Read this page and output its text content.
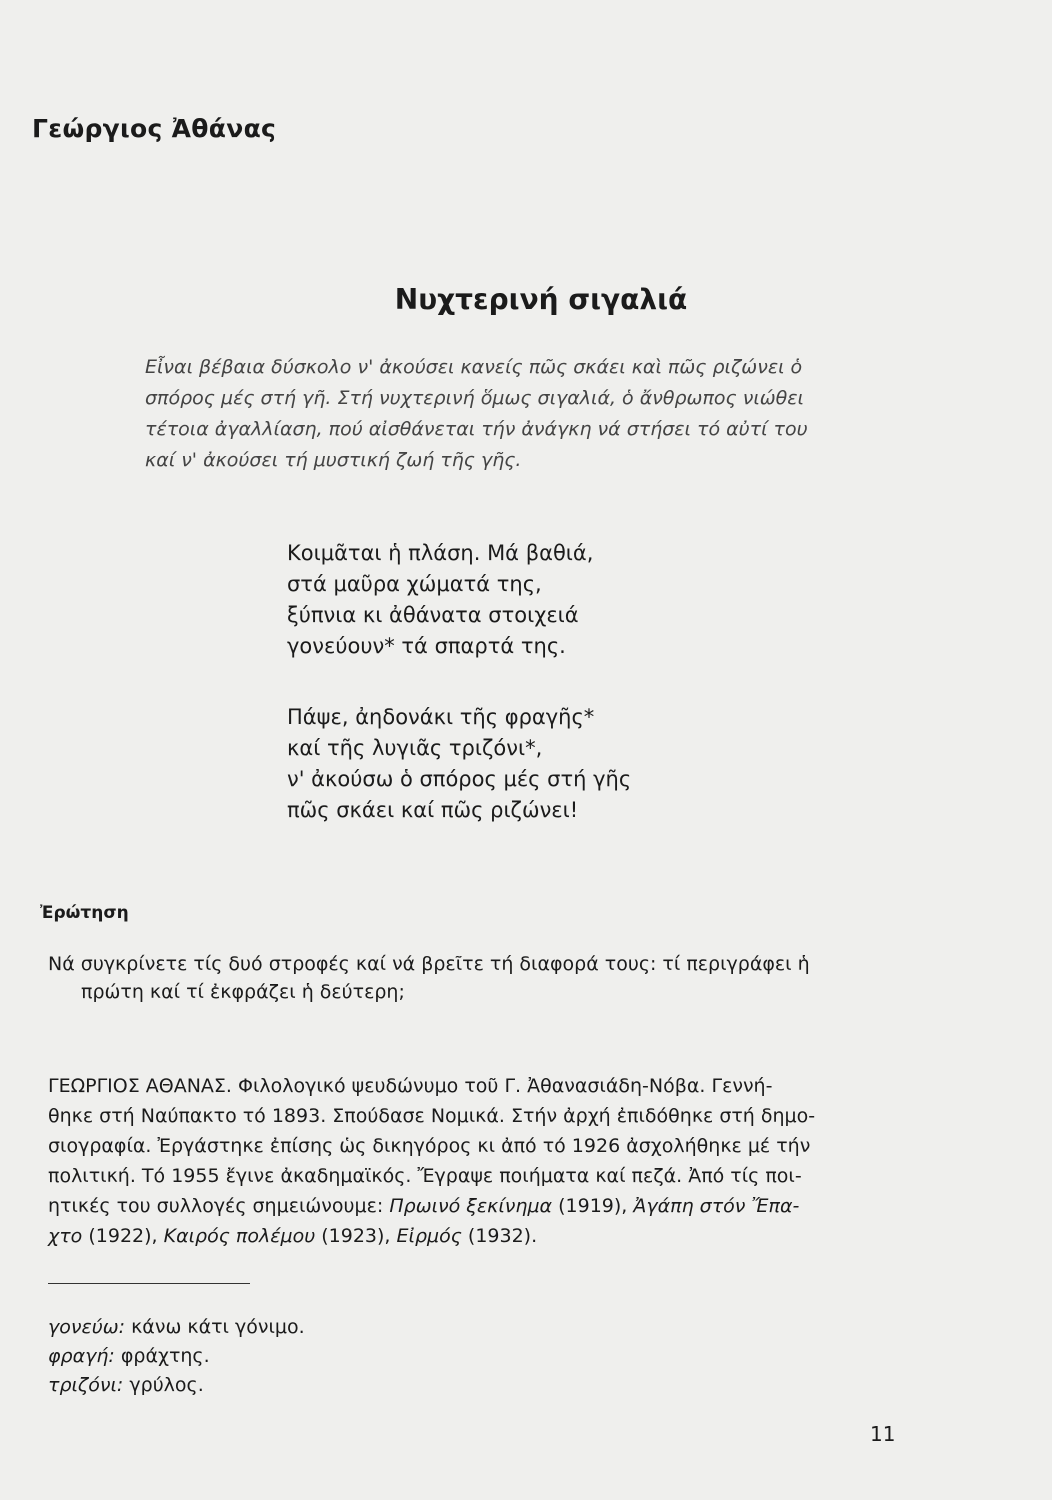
Γεώργιος Ἀθάνας
Νυχτερινή σιγαλιά

Εἶναι βέβαια δύσκολο ν' ἀκούσει κανείς πῶς σκάει καὶ πῶς ριζώνει ὁ

σπόρος μές στή γῆ. Στή νυχτερινή ὅμως σιγαλιά, ὁ ἄνθρωπος νιώθει

τέτοια ἀγαλλίαση, πού αἰσθάνεται τήν ἀνάγκη νά στήσει τό αὐτί του

καί ν' ἀκούσει τή μυστική ζωή τῆς γῆς.

Κοιμᾶται ἡ πλάση. Μά βαθιά,
στά μαῦρα χώματά της,
ξύπνια κι ἀθάνατα στοιχειά
γονεύουν* τά σπαρτά της.
Πάψε, ἀηδονάκι τῆς φραγῆς*
καί τῆς λυγιᾶς τριζόνι*,
ν' ἀκούσω ὁ σπόρος μές στή γῆς
πῶς σκάει καί πῶς ριζώνει!
Ἐρώτηση
Νά συγκρίνετε τίς δυό στροφές καί νά βρεῖτε τή διαφορά τους: τί περιγράφει ἡ
πρώτη καί τί ἐκφράζει ἡ δεύτερη;
ΓΕΩΡΓΙΟΣ ΑΘΑΝΑΣ. Φιλολογικό ψευδώνυμο τοῦ Γ. Ἀθανασιάδη-Νόβα. Γεννή-
θηκε στή Ναύπακτο τό 1893. Σπούδασε Νομικά. Στήν ἀρχή ἐπιδόθηκε στή δημο-
σιογραφία. Ἐργάστηκε ἐπίσης ὡς δικηγόρος κι ἀπό τό 1926 ἀσχολήθηκε μέ τήν
πολιτική. Τό 1955 ἔγινε ἀκαδημαϊκός. Ἔγραψε ποιήματα καί πεζά. Ἀπό τίς ποι-
ητικές του συλλογές σημειώνουμε: Πρωινό ξεκίνημα (1919), Ἀγάπη στόν Ἔπα-
χτο (1922), Καιρός πολέμου (1923), Εἰρμός (1932).
γονεύω: κάνω κάτι γόνιμο.
φραγή: φράχτης.
τριζόνι: γρύλος.
11
